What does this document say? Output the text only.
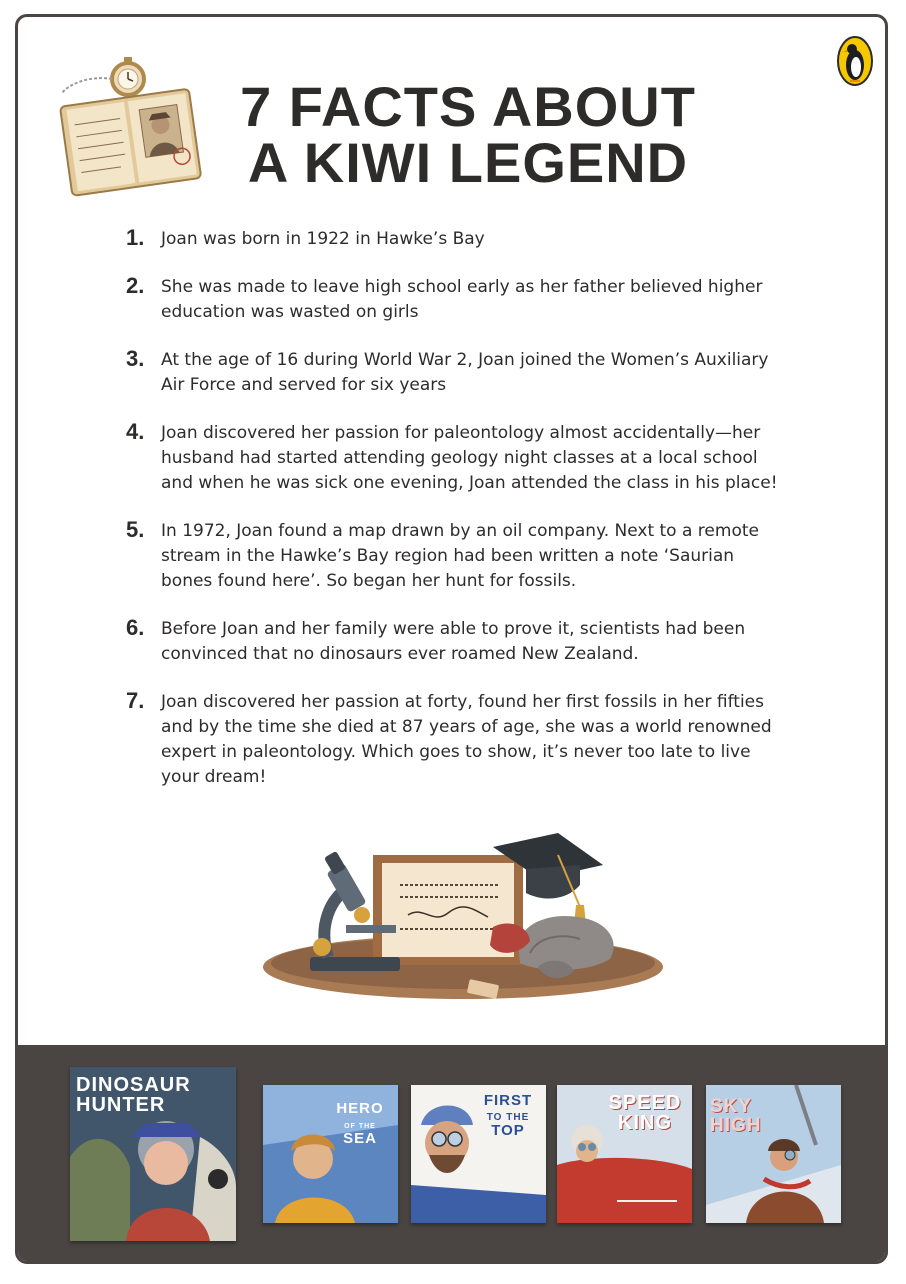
7 FACTS ABOUT
A KIWI LEGEND
1. Joan was born in 1922 in Hawke’s Bay
2. She was made to leave high school early as her father believed higher education was wasted on girls
3. At the age of 16 during World War 2, Joan joined the Women’s Auxiliary Air Force and served for six years
4. Joan discovered her passion for paleontology almost accidentally—her husband had started attending geology night classes at a local school and when he was sick one evening, Joan attended the class in his place!
5. In 1972, Joan found a map drawn by an oil company. Next to a remote stream in the Hawke’s Bay region had been written a note ‘Saurian bones found here’. So began her hunt for fossils.
6. Before Joan and her family were able to prove it, scientists had been convinced that no dinosaurs ever roamed New Zealand.
7. Joan discovered her passion at forty, found her first fossils in her fifties and by the time she died at 87 years of age, she was a world renowned expert in paleontology. Which goes to show, it’s never too late to live your dream!
DINOSAUR
HUNTER	HERO
OF THE
SEA
FIRST
TO THE
TOP
SPEED
KING
SKY
HIGH
